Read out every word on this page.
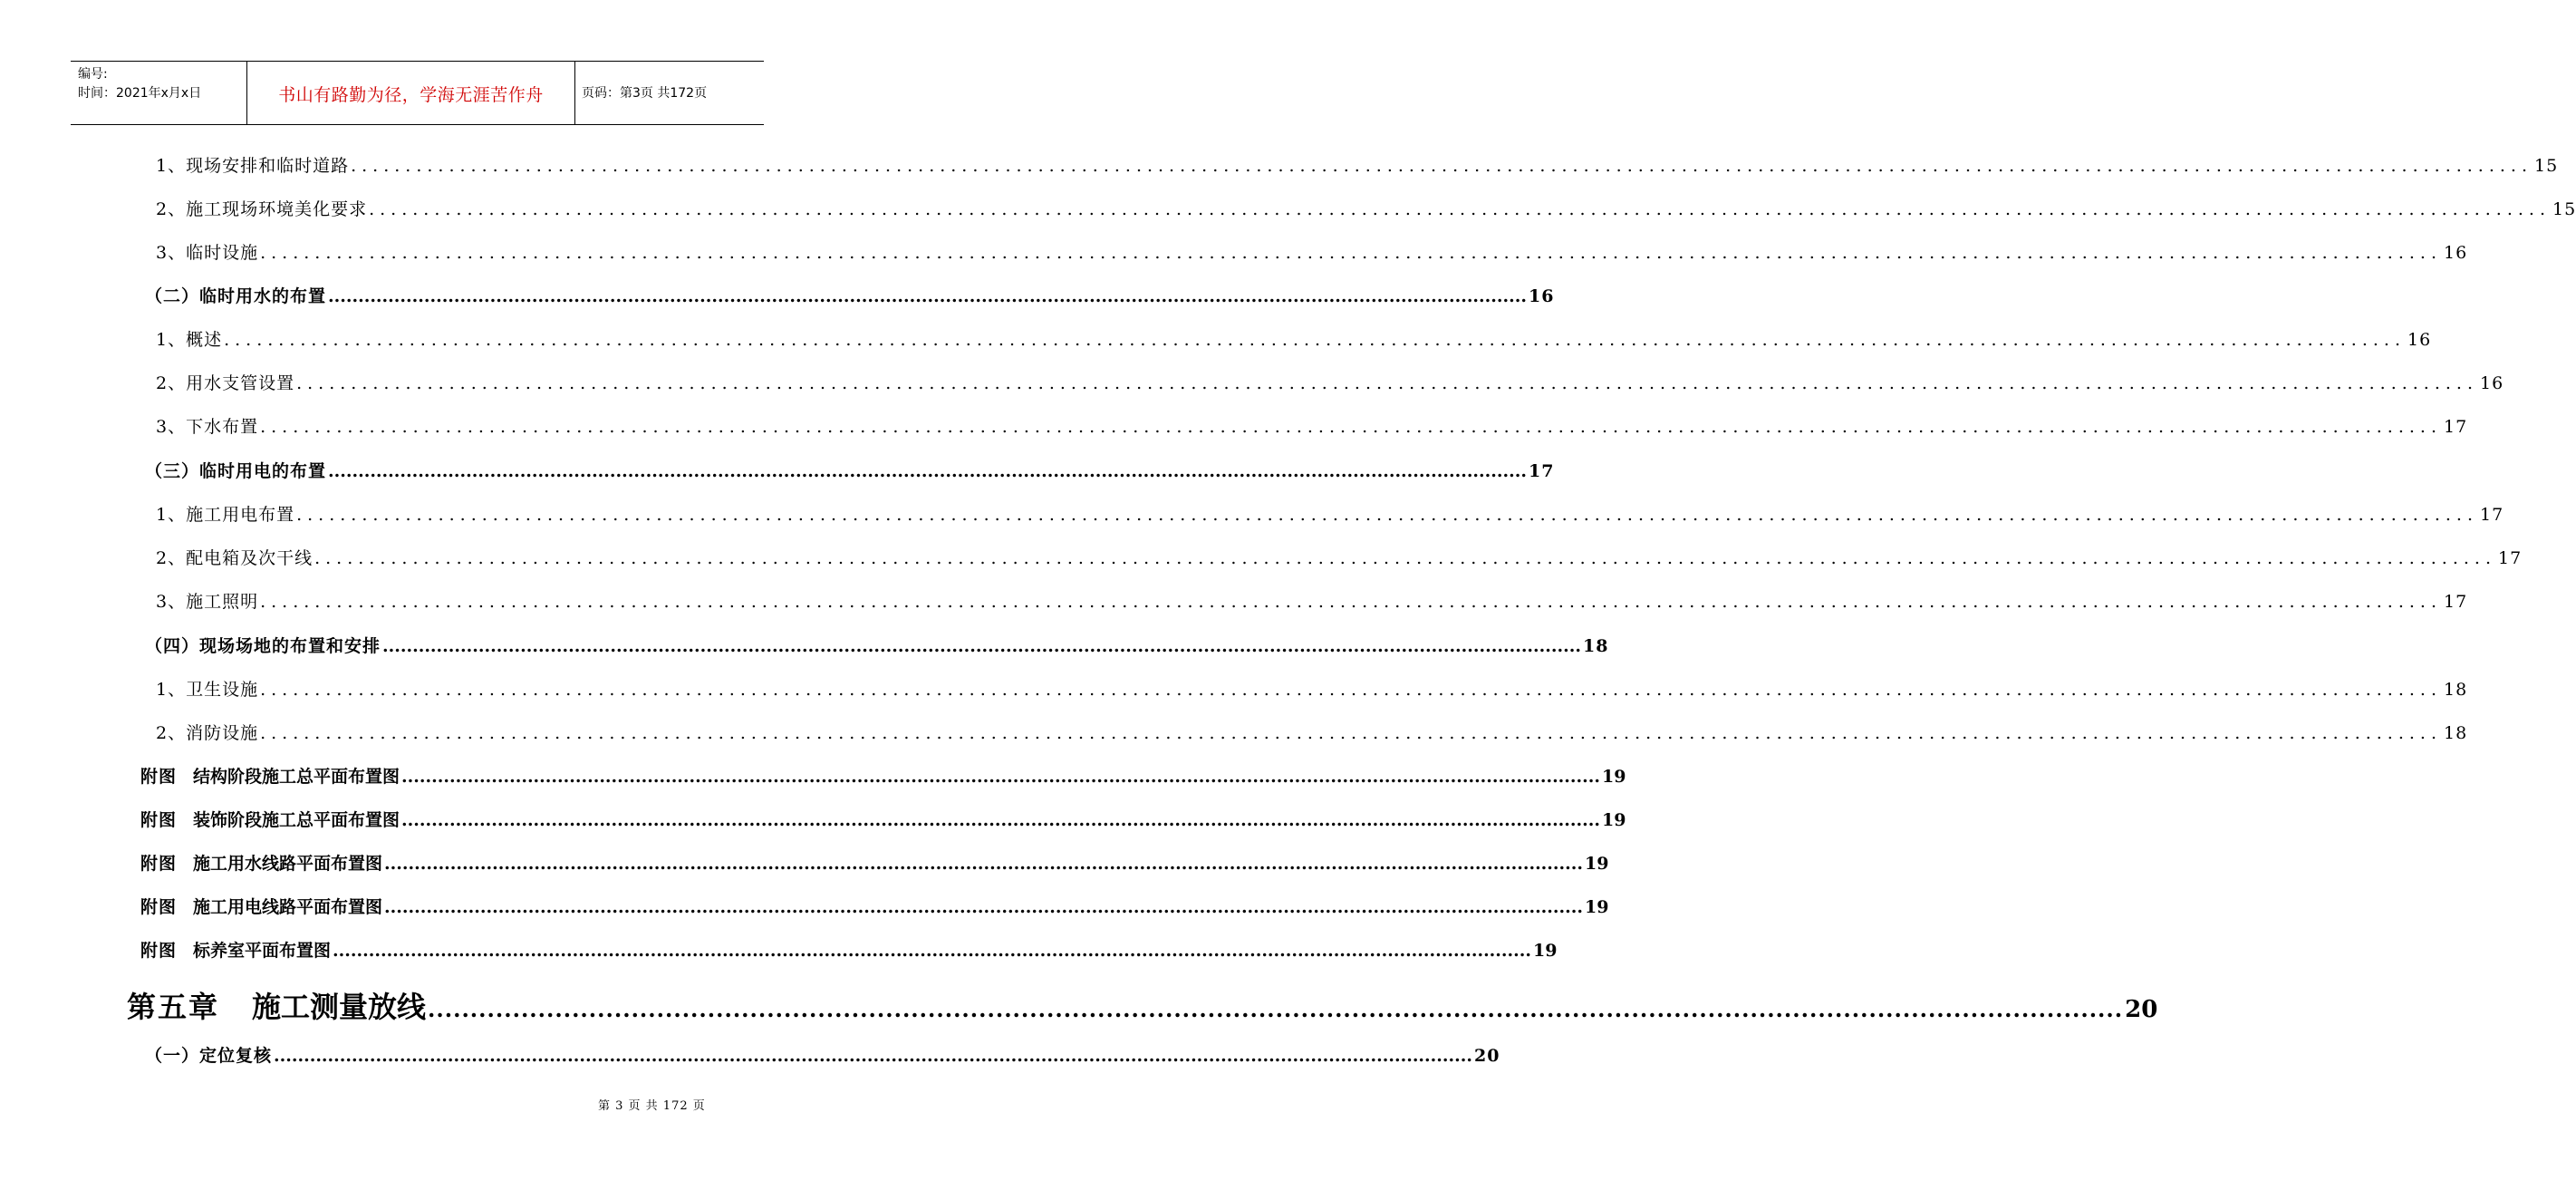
编号:
时间：2021年x月x日	书山有路勤为径，学海无涯苦作舟	页码：第3页 共172页
1、现场安排和临时道路 ........................................................................................................................................................................................................ 15
2、施工现场环境美化要求 ........................................................................................................................................................................................................ 15
3、临时设施 ........................................................................................................................................................................................................ 16
（二）临时用水的布置 ........................................................................................................................................................................................................ 16
1、概述 ........................................................................................................................................................................................................ 16
2、用水支管设置 ........................................................................................................................................................................................................ 16
3、下水布置 ........................................................................................................................................................................................................ 17
（三）临时用电的布置 ........................................................................................................................................................................................................ 17
1、施工用电布置 ........................................................................................................................................................................................................ 17
2、配电箱及次干线 ........................................................................................................................................................................................................ 17
3、施工照明 ........................................................................................................................................................................................................ 17
（四）现场场地的布置和安排 ........................................................................................................................................................................................................ 18
1、卫生设施 ........................................................................................................................................................................................................ 18
2、消防设施 ........................................................................................................................................................................................................ 18
附图 结构阶段施工总平面布置图 ........................................................................................................................................................................................................ 19
附图 装饰阶段施工总平面布置图 ........................................................................................................................................................................................................ 19
附图 施工用水线路平面布置图 ........................................................................................................................................................................................................ 19
附图 施工用电线路平面布置图 ........................................................................................................................................................................................................ 19
附图 标养室平面布置图 ........................................................................................................................................................................................................ 19
第五章 施工测量放线 ........................................................................................................................................................................................................ 20
（一）定位复核 ........................................................................................................................................................................................................ 20
第 3 页 共 172 页
